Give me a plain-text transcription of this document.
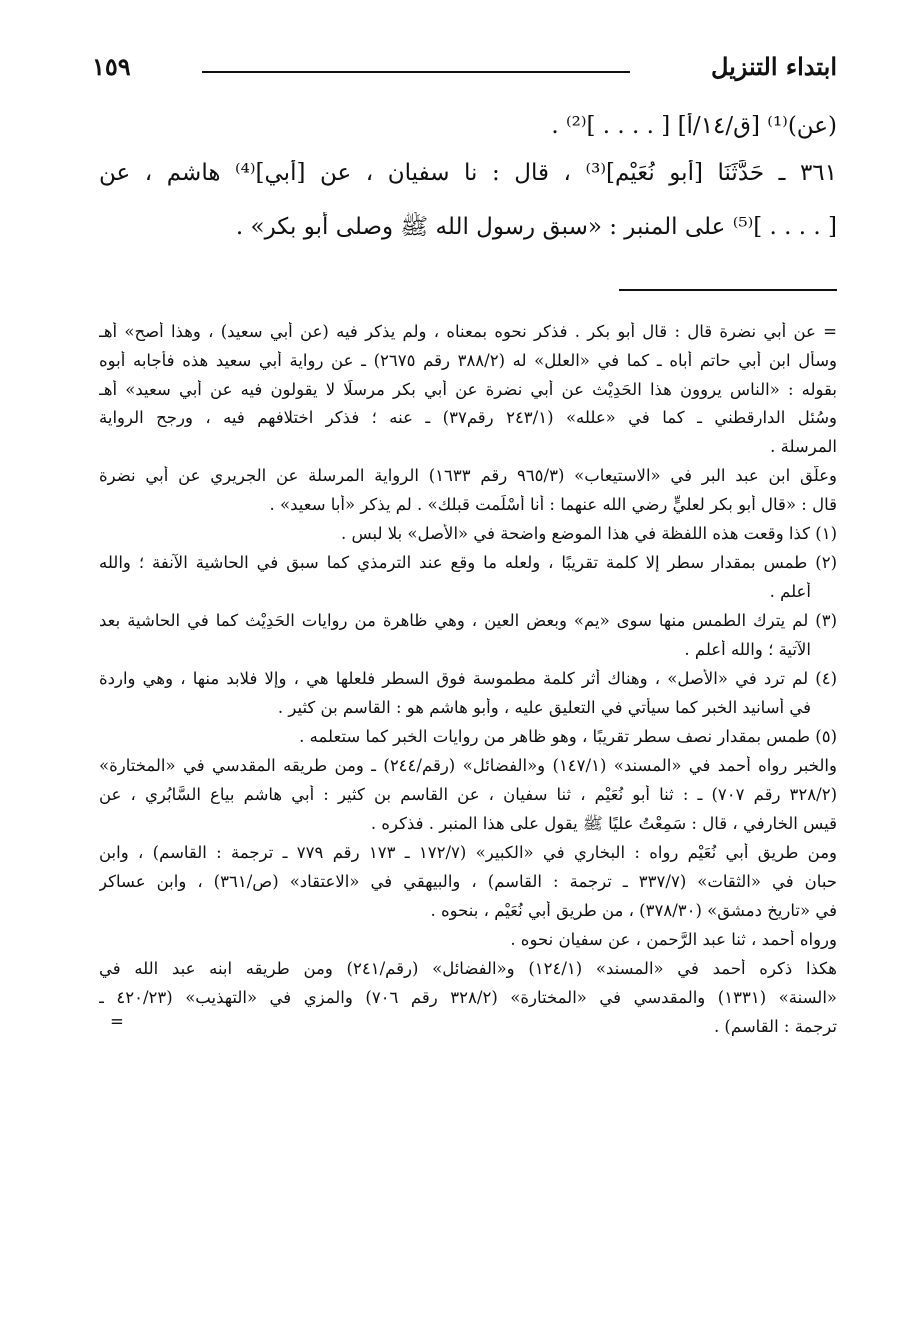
ابتداء التنزيل
١٥٩
(عن)⁽¹⁾ [ق/١٤/أ] [ . . . . ]⁽²⁾ .
٣٦١ ـ حَدَّثَنَا [أبو نُعَيْم]⁽³⁾ ، قال : نا سفيان ، عن [أبي]⁽⁴⁾ هاشم ، عن
[ . . . . ]⁽⁵⁾ على المنبر : «سبق رسول الله ﷺ وصلى أبو بكر» .
= عن أبي نضرة قال : قال أبو بكر . فذكر نحوه بمعناه ، ولم يذكر فيه (عن أبي سعيد) ، وهذا أصح» أهـ
وسأل ابن أبي حاتم أباه ـ كما في «العلل» له (٣٨٨/٢ رقم ٢٦٧٥) ـ عن رواية أبي سعيد هذه فأجابه أبوه
بقوله : «الناس يروون هذا الحَدِيْث عن أبي نضرة عن أبي بكر مرسلًا لا يقولون فيه عن أبي سعيد» أهـ
وسُئل الدارقطني ـ كما في «علله» (٢٤٣/١ رقم٣٧) ـ عنه ؛ فذكر اختلافهم فيه ، ورجح الرواية
المرسلة .
وعلّق ابن عبد البر في «الاستيعاب» (٩٦٥/٣ رقم ١٦٣٣) الرواية المرسلة عن الجريري عن أبي نضرة
قال : «قال أبو بكر لعليٍّ رضي الله عنهما : أنا أسْلَمت قبلك» . لم يذكر «أبا سعيد» .
(١) كذا وقعت هذه اللفظة في هذا الموضع واضحة في «الأصل» بلا لبس .
(٢) طمس بمقدار سطر إلا كلمة تقريبًا ، ولعله ما وقع عند الترمذي كما سبق في الحاشية الآنفة ؛ والله
أعلم .
(٣) لم يترك الطمس منها سوى «يم» وبعض العين ، وهي ظاهرة من روايات الحَدِيْث كما في الحاشية بعد
الآتية ؛ والله أعلم .
(٤) لم ترد في «الأصل» ، وهناك أثر كلمة مطموسة فوق السطر فلعلها هي ، وإلا فلابد منها ، وهي واردة
في أسانيد الخبر كما سيأتي في التعليق عليه ، وأبو هاشم هو : القاسم بن كثير .
(٥) طمس بمقدار نصف سطر تقريبًا ، وهو ظاهر من روايات الخبر كما ستعلمه .
والخبر رواه أحمد في «المسند» (١٤٧/١) و«الفضائل» (رقم/٢٤٤) ـ ومن طريقه المقدسي في «المختارة»
(٣٢٨/٢ رقم ٧٠٧) ـ : ثنا أبو نُعَيْم ، ثنا سفيان ، عن القاسم بن كثير : أبي هاشم بياع السَّابُري ، عن
قيس الخارفي ، قال : سَمِعْتُ عليًا ﷺ يقول على هذا المنبر . فذكره .
ومن طريق أبي نُعَيْم رواه : البخاري في «الكبير» (١٧٢/٧ ـ ١٧٣ رقم ٧٧٩ ـ ترجمة : القاسم) ، وابن
حبان في «الثقات» (٣٣٧/٧ ـ ترجمة : القاسم) ، والبيهقي في «الاعتقاد» (ص/٣٦١) ، وابن عساكر
في «تاريخ دمشق» (٣٧٨/٣٠) ، من طريق أبي نُعَيْم ، بنحوه .
ورواه أحمد ، ثنا عبد الرَّحمن ، عن سفيان نحوه .
هكذا ذكره أحمد في «المسند» (١٢٤/١) و«الفضائل» (رقم/٢٤١) ومن طريقه ابنه عبد الله في
«السنة» (١٣٣١) والمقدسي في «المختارة» (٣٢٨/٢ رقم ٧٠٦) والمزي في «التهذيب» (٤٢٠/٢٣ ـ
=	ترجمة : القاسم) .
